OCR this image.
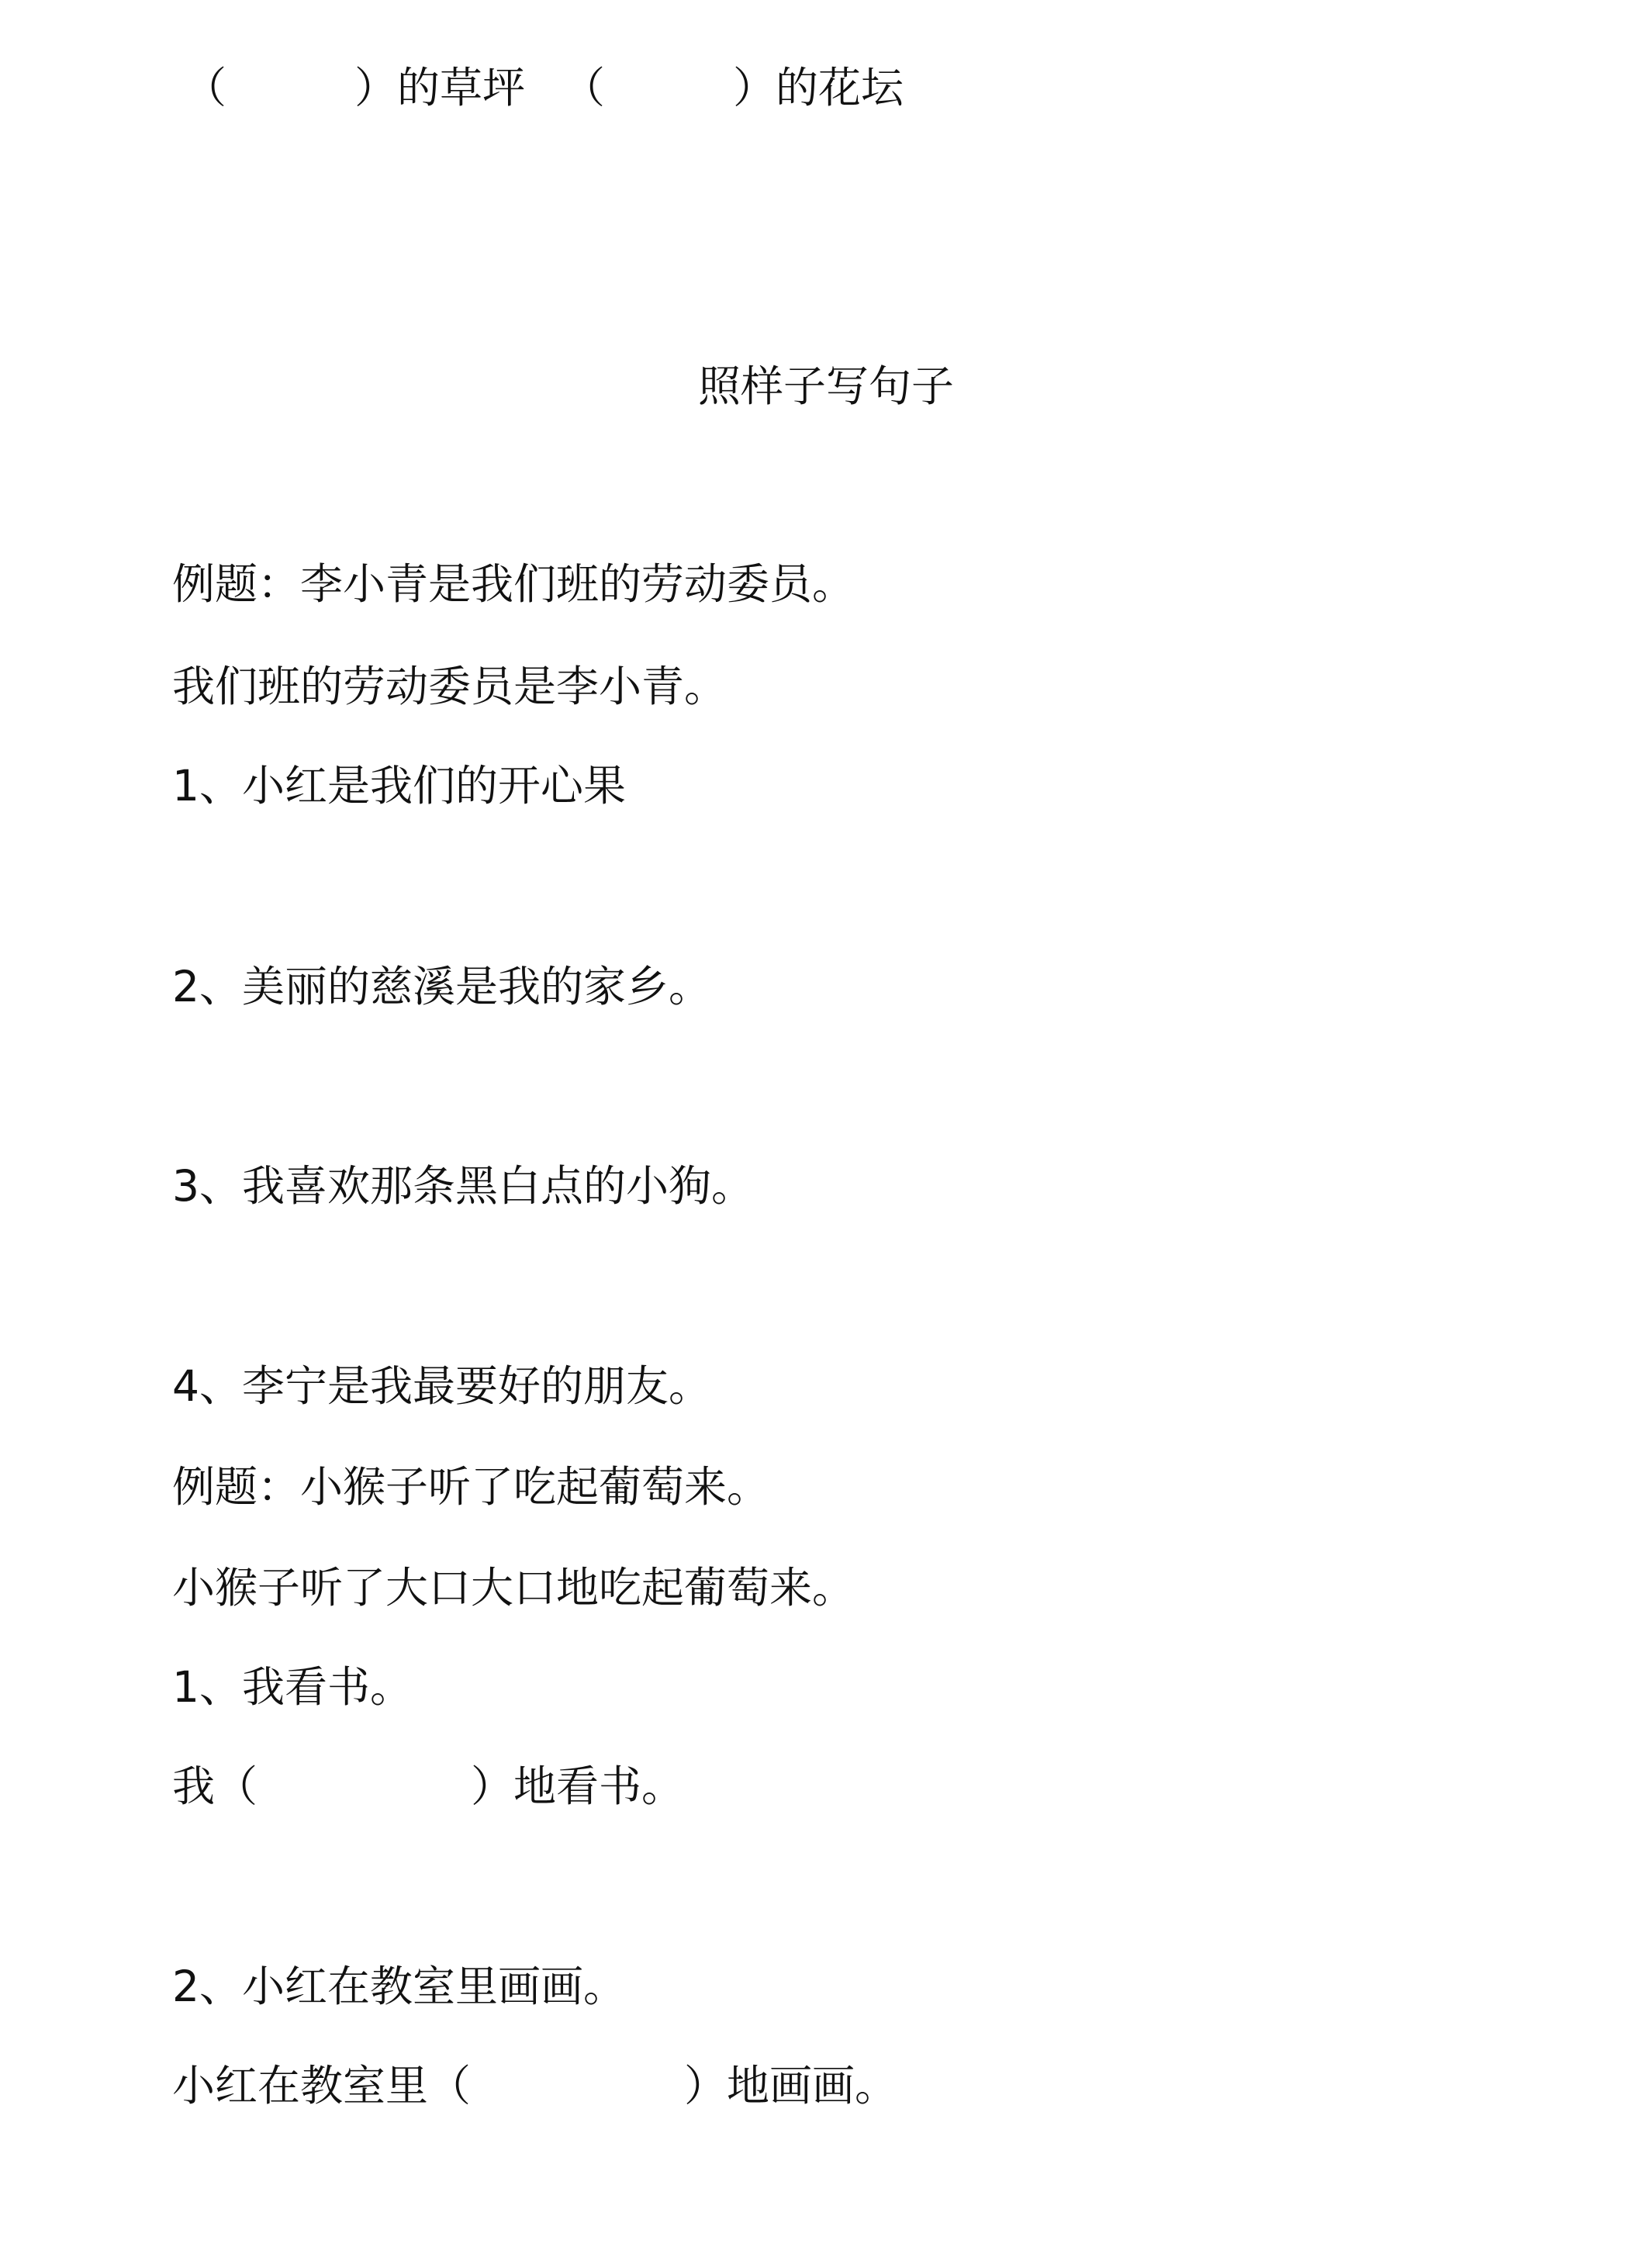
（　　　）的草坪 （　　　）的花坛

照样子写句子

例题：李小青是我们班的劳动委员。

我们班的劳动委员是李小青。

1、小红是我们的开心果

2、美丽的慈溪是我的家乡。

3、我喜欢那条黑白点的小狗。

4、李宁是我最要好的朋友。

例题：小猴子听了吃起葡萄来。

小猴子听了大口大口地吃起葡萄来。

1、我看书。

我（　　　　　）地看书。

2、小红在教室里画画。

小红在教室里（　　　　　）地画画。
